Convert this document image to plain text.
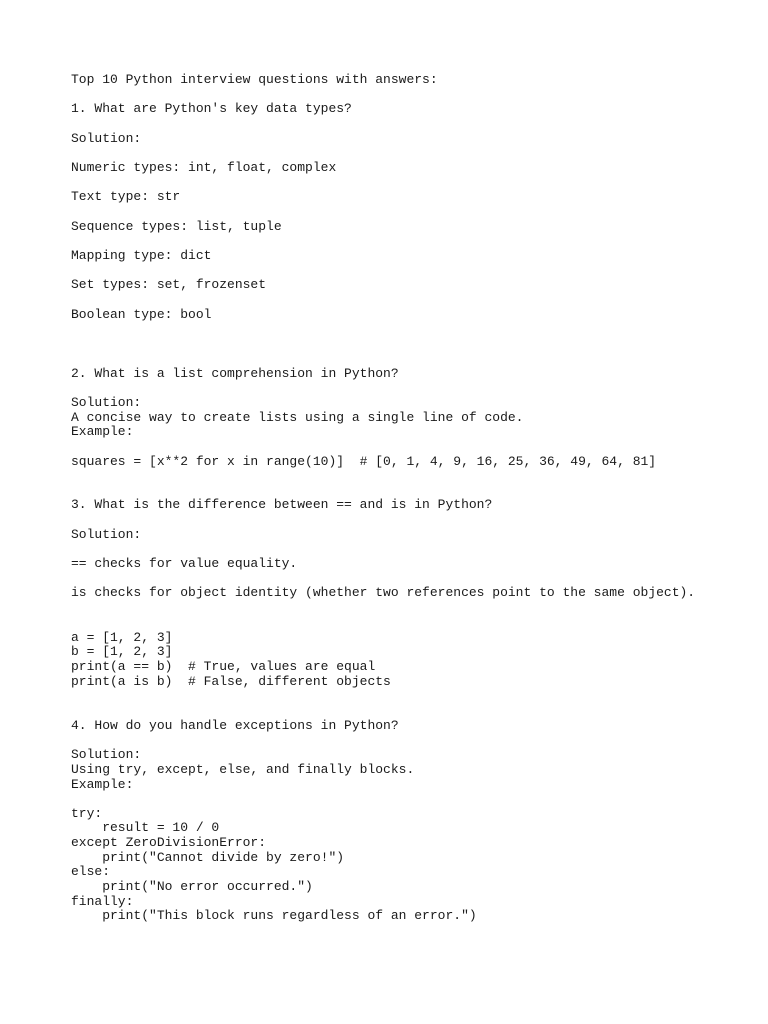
Top 10 Python interview questions with answers:

1. What are Python's key data types?

Solution:

Numeric types: int, float, complex

Text type: str

Sequence types: list, tuple

Mapping type: dict

Set types: set, frozenset

Boolean type: bool

2. What is a list comprehension in Python?

Solution:

A concise way to create lists using a single line of code.

Example:

squares = [x**2 for x in range(10)]  # [0, 1, 4, 9, 16, 25, 36, 49, 64, 81]

3. What is the difference between == and is in Python?

Solution:

== checks for value equality.

is checks for object identity (whether two references point to the same object).

a = [1, 2, 3]

b = [1, 2, 3]

print(a == b)  # True, values are equal

print(a is b)  # False, different objects

4. How do you handle exceptions in Python?

Solution:

Using try, except, else, and finally blocks.

Example:

try:

result = 10 / 0

except ZeroDivisionError:

print("Cannot divide by zero!")

else:

print("No error occurred.")

finally:

print("This block runs regardless of an error.")
